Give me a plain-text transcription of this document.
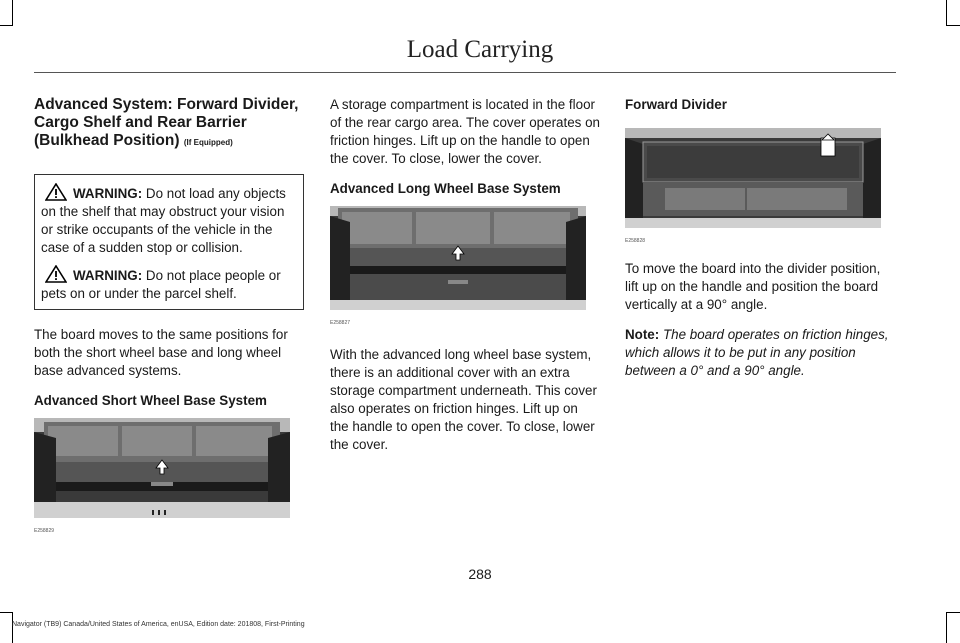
Load Carrying
Advanced System: Forward Divider, Cargo Shelf and Rear Barrier (Bulkhead Position) (If Equipped)
WARNING: Do not load any objects on the shelf that may obstruct your vision or strike occupants of the vehicle in the case of a sudden stop or collision.
WARNING: Do not place people or pets on or under the parcel shelf.

The board moves to the same positions for both the short wheel base and long wheel base advanced systems.

Advanced Short Wheel Base System
E258829

A storage compartment is located in the floor of the rear cargo area. The cover operates on friction hinges. Lift up on the handle to open the cover. To close, lower the cover.

Advanced Long Wheel Base System
E258827

With the advanced long wheel base system, there is an additional cover with an extra storage compartment underneath. This cover also operates on friction hinges. Lift up on the handle to open the cover. To close, lower the cover.

Forward Divider
E258828

To move the board into the divider position, lift up on the handle and position the board vertically at a 90° angle.

Note: The board operates on friction hinges, which allows it to be put in any position between a 0° and a 90° angle.

288
Navigator (TB9) Canada/United States of America, enUSA, Edition date: 201808, First-Printing
